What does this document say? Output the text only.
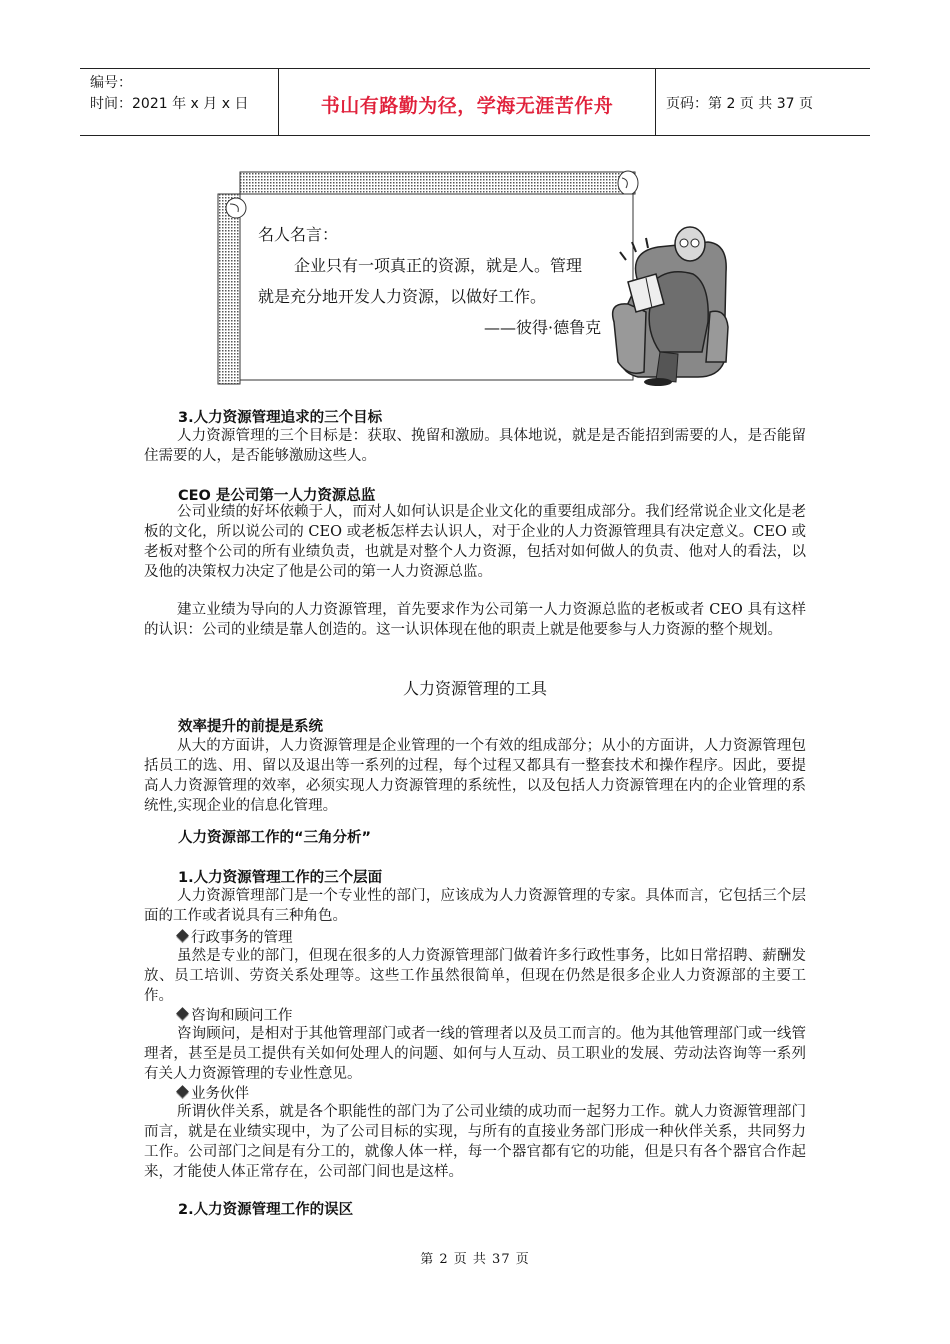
编号：
时间：2021 年 x 月 x 日	书山有路勤为径，学海无涯苦作舟	页码：第 2 页 共 37 页
名人名言：
企业只有一项真正的资源，就是人。管理
就是充分地开发人力资源，以做好工作。
——彼得·德鲁克
3.人力资源管理追求的三个目标
人力资源管理的三个目标是：获取、挽留和激励。具体地说，就是是否能招到需要的人，是否能留住需要的人，是否能够激励这些人。
CEO 是公司第一人力资源总监
公司业绩的好坏依赖于人，而对人如何认识是企业文化的重要组成部分。我们经常说企业文化是老板的文化，所以说公司的 CEO 或老板怎样去认识人，对于企业的人力资源管理具有决定意义。CEO 或老板对整个公司的所有业绩负责，也就是对整个人力资源，包括对如何做人的负责、他对人的看法，以及他的决策权力决定了他是公司的第一人力资源总监。
建立业绩为导向的人力资源管理，首先要求作为公司第一人力资源总监的老板或者 CEO 具有这样的认识：公司的业绩是靠人创造的。这一认识体现在他的职责上就是他要参与人力资源的整个规划。
人力资源管理的工具
效率提升的前提是系统
从大的方面讲，人力资源管理是企业管理的一个有效的组成部分；从小的方面讲，人力资源管理包括员工的选、用、留以及退出等一系列的过程，每个过程又都具有一整套技术和操作程序。因此，要提高人力资源管理的效率，必须实现人力资源管理的系统性，以及包括人力资源管理在内的企业管理的系统性,实现企业的信息化管理。
人力资源部工作的“三角分析”
1.人力资源管理工作的三个层面
人力资源管理部门是一个专业性的部门，应该成为人力资源管理的专家。具体而言，它包括三个层面的工作或者说具有三种角色。
行政事务的管理
虽然是专业的部门，但现在很多的人力资源管理部门做着许多行政性事务，比如日常招聘、薪酬发放、员工培训、劳资关系处理等。这些工作虽然很简单，但现在仍然是很多企业人力资源部的主要工作。
咨询和顾问工作
咨询顾问，是相对于其他管理部门或者一线的管理者以及员工而言的。他为其他管理部门或一线管理者，甚至是员工提供有关如何处理人的问题、如何与人互动、员工职业的发展、劳动法咨询等一系列有关人力资源管理的专业性意见。
业务伙伴
所谓伙伴关系，就是各个职能性的部门为了公司业绩的成功而一起努力工作。就人力资源管理部门而言，就是在业绩实现中，为了公司目标的实现，与所有的直接业务部门形成一种伙伴关系，共同努力工作。公司部门之间是有分工的，就像人体一样，每一个器官都有它的功能，但是只有各个器官合作起来，才能使人体正常存在，公司部门间也是这样。
2.人力资源管理工作的误区
第 2 页 共 37 页
